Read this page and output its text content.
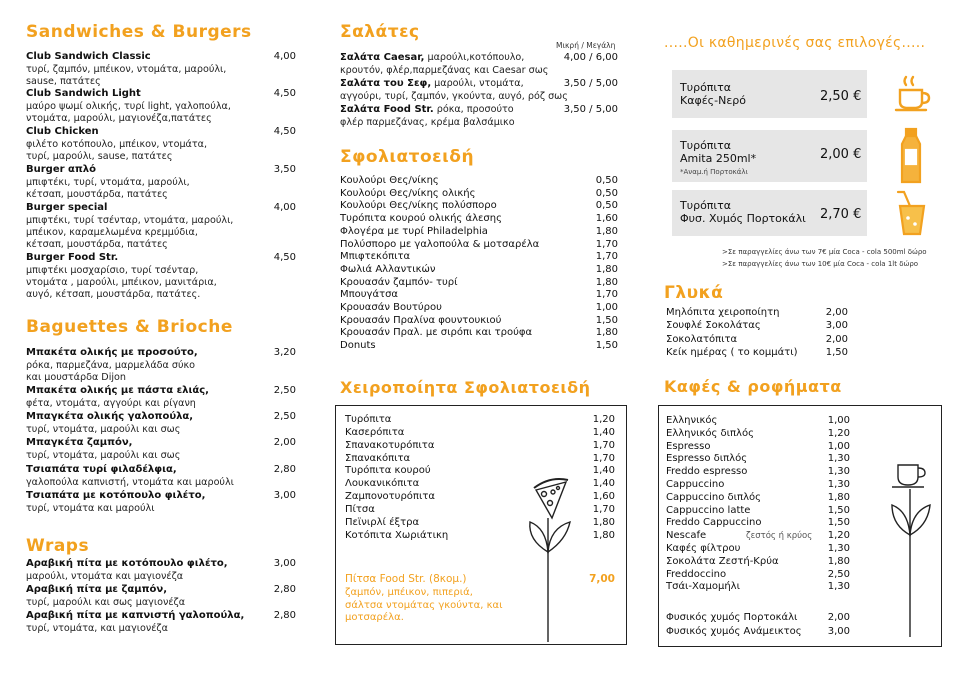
Sandwiches & Burgers
Club Sandwich Classic	4,00
τυρί, ζαμπόν, μπέικον, ντομάτα, μαρούλι,
sause, πατάτες
Club Sandwich Light	4,50
μαύρο ψωμί ολικής, τυρί light, γαλοπούλα,
ντομάτα, μαρούλι, μαγιονέζα,πατάτες
Club Chicken	4,50
φιλέτο κοτόπουλο, μπέικον, ντομάτα,
τυρί, μαρούλι, sause, πατάτες
Burger απλό	3,50
μπιφτέκι, τυρί, ντομάτα, μαρούλι,
κέτσαπ, μουστάρδα, πατάτες
Burger special	4,00
μπιφτέκι, τυρί τσένταρ, ντομάτα, μαρούλι,
μπέικον, καραμελωμένα κρεμμύδια,
κέτσαπ, μουστάρδα, πατάτες
Burger Food Str.	4,50
μπιφτέκι μοσχαρίσιο, τυρί τσένταρ,
ντομάτα , μαρούλι, μπέικον, μανιτάρια,
αυγό, κέτσαπ, μουστάρδα, πατάτες.
Baguettes & Brioche
Μπακέτα ολικής με προσούτο,	3,20
ρόκα, παρμεζάνα, μαρμελάδα σύκο
και μουστάρδα Dijon
Μπακέτα ολικής με πάστα ελιάς,	2,50
φέτα, ντομάτα, αγγούρι και ρίγανη
Μπαγκέτα ολικής γαλοπούλα,	2,50
τυρί, ντομάτα, μαρούλι και σως
Μπαγκέτα ζαμπόν,	2,00
τυρί, ντομάτα, μαρούλι και σως
Τσιαπάτα τυρί φιλαδέλφια,	2,80
γαλοπούλα καπνιστή, ντομάτα και μαρούλι
Τσιαπάτα με κοτόπουλο φιλέτο,	3,00
τυρί, ντομάτα και μαρούλι
Wraps
Αραβική πίτα με κοτόπουλο φιλέτο,	3,00
μαρούλι, ντομάτα και μαγιονέζα
Αραβική πίτα με ζαμπόν,	2,80
τυρί, μαρούλι και σως μαγιονέζα
Αραβική πίτα με καπνιστή γαλοπούλα,	2,80
τυρί, ντομάτα, και μαγιονέζα
Σαλάτες
Μικρή / Μεγάλη
Σαλάτα Caesar, μαρούλι,κοτόπουλο,	4,00 / 6,00
κρουτόν, φλέρ,παρμεζάνας και Caesar σως
Σαλάτα του Σεφ, μαρούλι, ντομάτα,	3,50 / 5,00
αγγούρι, τυρί, ζαμπόν, γκούντα, αυγό, ρόζ σως
Σαλάτα Food Str. ρόκα, προσούτο	3,50 / 5,00
φλέρ παρμεζάνας, κρέμα βαλσάμικο
Σφολιατοειδή
Κουλούρι Θες/νίκης	0,50
Κουλούρι Θες/νίκης ολικής	0,50
Κουλούρι Θες/νίκης πολύσπορο	0,50
Τυρόπιτα κουρού ολικής άλεσης	1,60
Φλογέρα με τυρί Philadelphia	1,80
Πολύσπορο με γαλοπούλα & μοτσαρέλα	1,70
Μπιφτεκόπιτα	1,70
Φωλιά Αλλαντικών	1,80
Κρουασάν ζαμπόν- τυρί	1,80
Μπουγάτσα	1,70
Κρουασάν Βουτύρου	1,00
Κρουασάν Πραλίνα φουντουκιού	1,50
Κρουασάν Πραλ. με σιρόπι και τρούφα	1,80
Donuts	1,50
Χειροποίητα Σφολιατοειδή
Τυρόπιτα	1,20
Κασερόπιτα	1,40
Σπανακοτυρόπιτα	1,70
Σπανακόπιτα	1,70
Τυρόπιτα κουρού	1,40
Λουκανικόπιτα	1,40
Ζαμπονοτυρόπιτα	1,60
Πίτσα	1,70
Πεϊνιρλί έξτρα	1,80
Κοτόπιτα Χωριάτικη	1,80
Πίτσα Food Str. (8κομ.)	7,00
ζαμπόν, μπέικον, πιπεριά,
σάλτσα ντομάτας γκούντα, και
μοτσαρέλα.
.....Οι καθημερινές σας επιλογές.....
Τυρόπιτα
Καφές-Νερό	2,50 €
Τυρόπιτα
Amita 250ml*
*Αναμ.ή Πορτοκάλι
2,00 €
Τυρόπιτα
Φυσ. Χυμός Πορτοκάλι 2,70 €
>Σε παραγγελίες άνω των 7€ μία Coca - cola 500ml δώρο
>Σε παραγγελίες άνω των 10€ μία Coca - cola 1lt δώρο
Γλυκά
Μηλόπιτα χειροποίητη	2,00
Σουφλέ Σοκολάτας	3,00
Σοκολατόπιτα	2,00
Κείκ ημέρας ( το κομμάτι)	1,50
Καφές & ροφήματα
Ελληνικός	1,00
Ελληνικός διπλός	1,20
Espresso	1,00
Espresso διπλός	1,30
Freddo espresso	1,30
Cappuccino	1,30
Cappuccino διπλός	1,80
Cappuccino latte	1,50
Freddo Cappuccino	1,50
Nescafe	ζεστός ή κρύος 1,20
Καφές φίλτρου	1,30
Σοκολάτα Ζεστή-Κρύα	1,80
Freddoccino	2,50
Τσάι-Χαμομήλι	1,30
Φυσικός χυμός Πορτοκάλι	2,00
Φυσικός χυμός Ανάμεικτος	3,00
